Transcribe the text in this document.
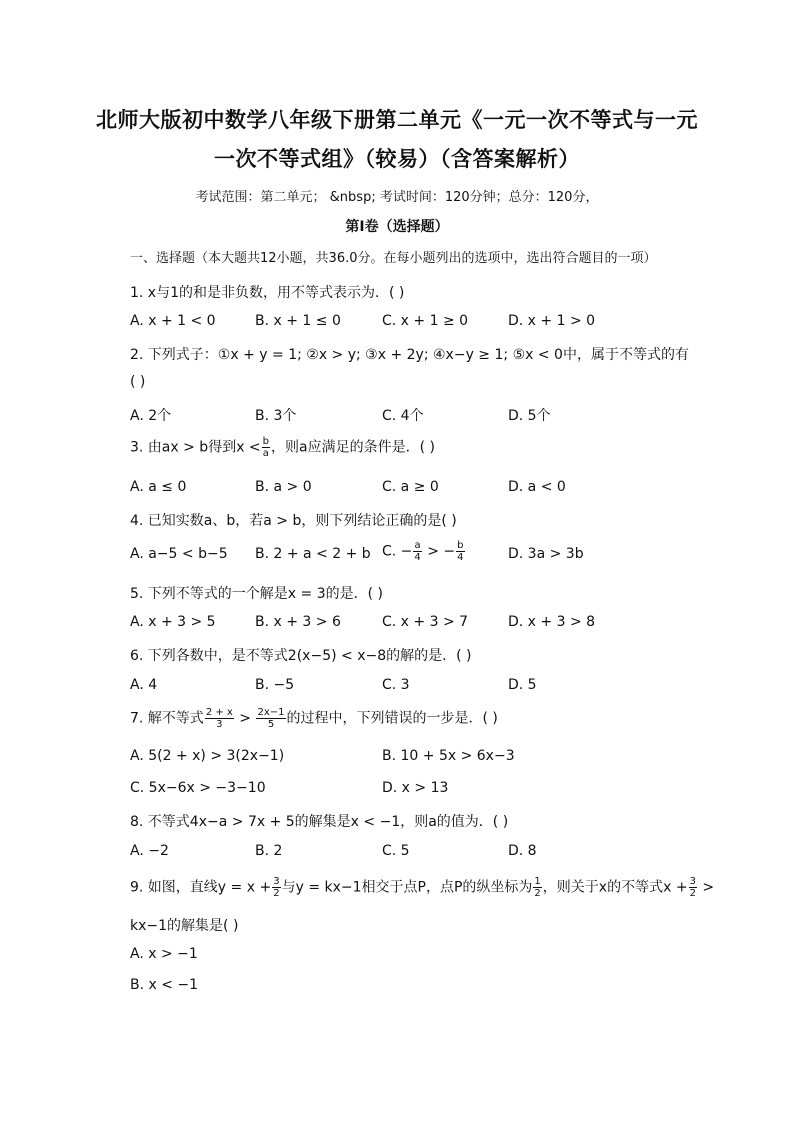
北师大版初中数学八年级下册第二单元《一元一次不等式与一元
一次不等式组》（较易）（含答案解析）
考试范围：第二单元； &nbsp; 考试时间：120分钟；总分：120分，
第I卷（选择题）
一、选择题（本大题共12小题，共36.0分。在每小题列出的选项中，选出符合题目的一项）
1. x与1的和是非负数，用不等式表示为．( )
A. x + 1 < 0	B. x + 1 ≤ 0	C. x + 1 ≥ 0	D. x + 1 > 0
2. 下列式子：①x + y = 1; ②x > y; ③x + 2y; ④x−y ≥ 1; ⑤x < 0中，属于不等式的有
( )
A. 2个	B. 3个	C. 4个	D. 5个
3. 由ax > b得到$x < \frac{b}{a}$ ，则a应满足的条件是．( )
A. a ≤ 0	B. a > 0	C. a ≥ 0	D. a < 0
4. 已知实数a、b，若a > b，则下列结论正确的是( )
A. a−5 < b−5 B. 2 + a < 2 + b C. − $\frac{a}{4}$ > − $\frac{b}{4}$	D. 3a > 3b
5. 下列不等式的一个解是x = 3的是．( )
A. x + 3 > 5	B. x + 3 > 6	C. x + 3 > 7	D. x + 3 > 8
6. 下列各数中，是不等式2(x−5) < x−8的解的是．( )
A. 4	B. −5	C. 3	D. 5
7. 解不等式 $\frac{2 + x}{3} > \frac{2x-1}{5}$ 的过程中，下列错误的一步是．( )
A. 5(2 + x) > 3(2x−1)	B. 10 + 5x > 6x−3
C. 5x−6x > −3−10	D. x > 13
8. 不等式4x−a > 7x + 5的解集是x < −1，则a的值为．( )
A. −2	B. 2	C. 5	D. 8
9. 如图，直线$y = x + \frac{3}{2}$ 与y = kx−1相交于点P，点P的纵坐标为 $\frac{1}{2}$ ，则关于x的不等式$x + \frac{3}{2}$ >
kx−1的解集是( )
A. x > −1
B. x < −1
